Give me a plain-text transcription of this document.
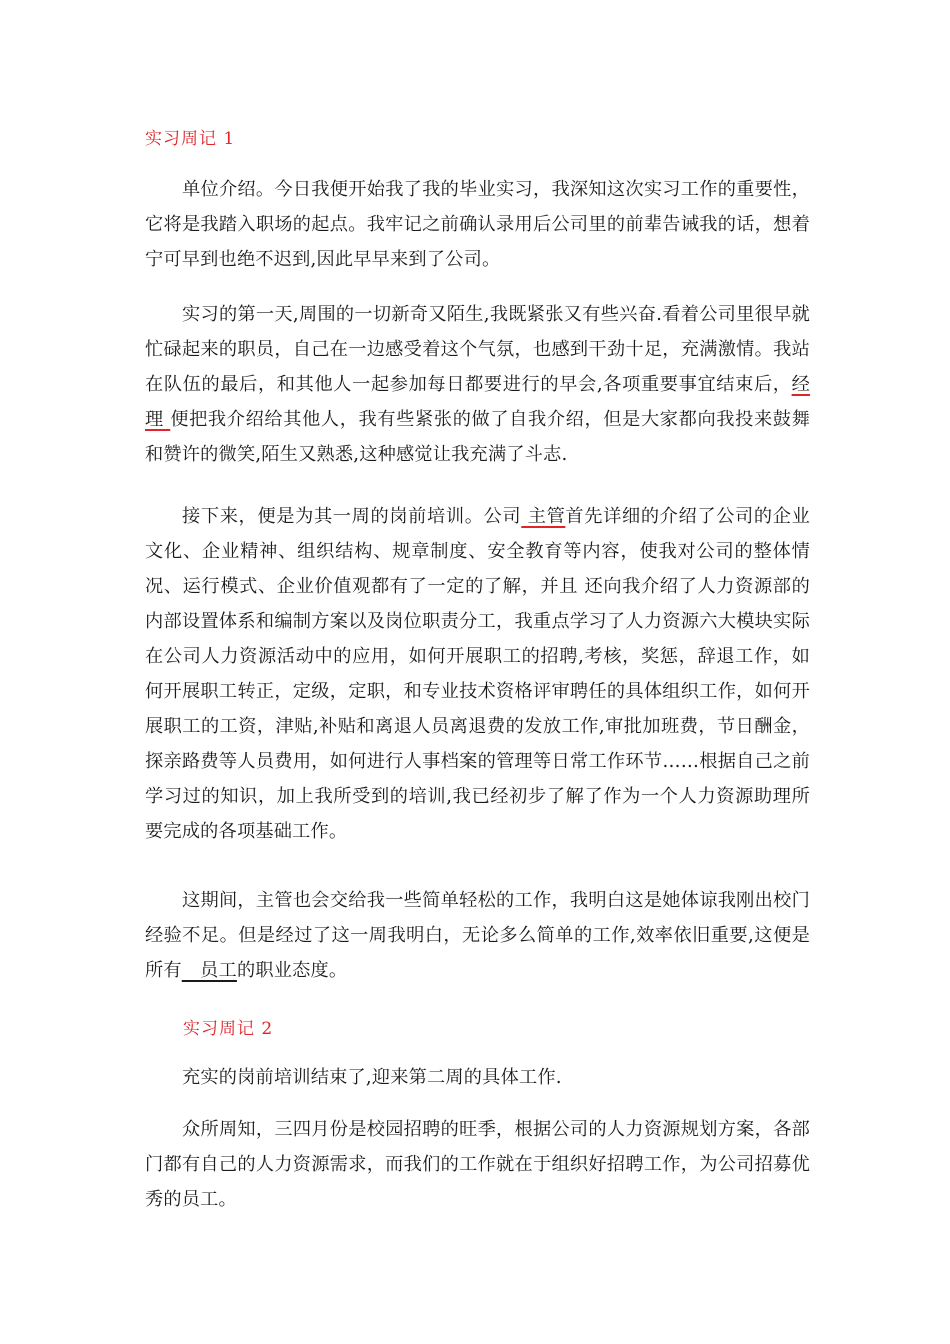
实习周记 1

单位介绍。今日我便开始我了我的毕业实习，我深知这次实习工作的重要性，它将是我踏入职场的起点。我牢记之前确认录用后公司里的前辈告诫我的话，想着宁可早到也绝不迟到,因此早早来到了公司。

实习的第一天,周围的一切新奇又陌生,我既紧张又有些兴奋.看着公司里很早就忙碌起来的职员，自己在一边感受着这个气氛，也感到干劲十足，充满激情。我站在队伍的最后，和其他人一起参加每日都要进行的早会,各项重要事宜结束后，经理 便把我介绍给其他人，我有些紧张的做了自我介绍，但是大家都向我投来鼓舞和赞许的微笑,陌生又熟悉,这种感觉让我充满了斗志.

接下来，便是为其一周的岗前培训。公司 主管首先详细的介绍了公司的企业文化、企业精神、组织结构、规章制度、安全教育等内容，使我对公司的整体情况、运行模式、企业价值观都有了一定的了解，并且 还向我介绍了人力资源部的内部设置体系和编制方案以及岗位职责分工，我重点学习了人力资源六大模块实际在公司人力资源活动中的应用，如何开展职工的招聘,考核，奖惩，辞退工作，如何开展职工转正，定级，定职，和专业技术资格评审聘任的具体组织工作，如何开展职工的工资，津贴,补贴和离退人员离退费的发放工作,审批加班费，节日酬金，探亲路费等人员费用，如何进行人事档案的管理等日常工作环节……根据自己之前学习过的知识，加上我所受到的培训,我已经初步了解了作为一个人力资源助理所要完成的各项基础工作。

这期间，主管也会交给我一些简单轻松的工作，我明白这是她体谅我刚出校门经验不足。但是经过了这一周我明白，无论多么简单的工作,效率依旧重要,这便是所有　员工的职业态度。

实习周记 2

充实的岗前培训结束了,迎来第二周的具体工作.

众所周知，三四月份是校园招聘的旺季，根据公司的人力资源规划方案，各部门都有自己的人力资源需求，而我们的工作就在于组织好招聘工作，为公司招募优秀的员工。
